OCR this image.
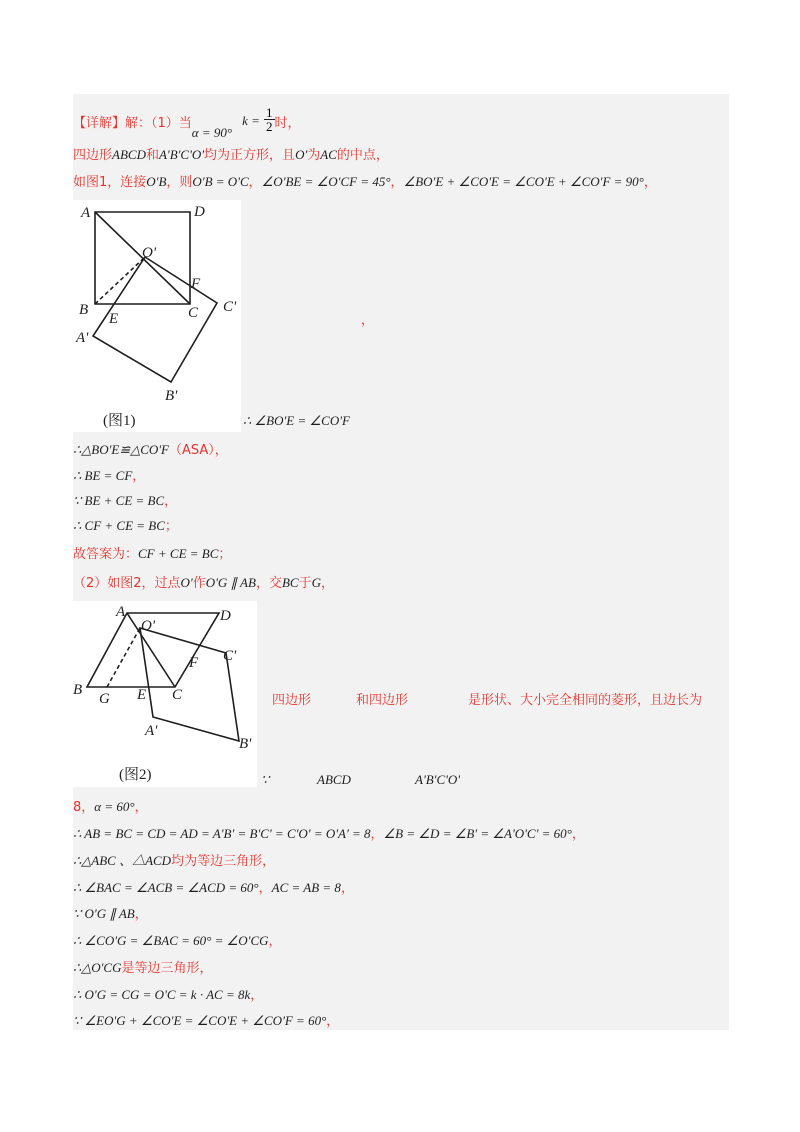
【详解】解：（1）当$\alpha = 90^\circ k = \frac{1}{2}$ 时，
四边形ABCD和A'B'C'O'均为正方形，且O'为AC的中点，
如图1，连接O'B，则O'B = O'C，∠O'BE = ∠O'CF = 45°，∠BO'E + ∠CO'E = ∠CO'E + ∠CO'F = 90°，
A	D
O'
F
B	C C'
E
A'
B'
(图1)
，
∴ ∠BO'E = ∠CO'F
∴△BO'E≌△CO'F（ASA），
∴ BE = CF，
∵ BE + CE = BC，
∴ CF + CE = BC；
故答案为：CF + CE = BC；
（2）如图2，过点O'作O'G ∥ AB，交BC于G，
A	D
O'
C'
F
B
G E C
A'
B'
(图2)
四边形	和四边形	是形状、大小完全相同的菱形，且边长为
∵	ABCD	A'B'C'O'
8，α = 60°，
∴ AB = BC = CD = AD = A'B' = B'C' = C'O' = O'A' = 8，∠B = ∠D = ∠B' = ∠A'O'C' = 60°，
∴△ABC 、△ACD均为等边三角形，
∴ ∠BAC = ∠ACB = ∠ACD = 60°，AC = AB = 8，
∵ O'G ∥ AB，
∴ ∠CO'G = ∠BAC = 60° = ∠O'CG，
∴△O'CG是等边三角形，
∴ O'G = CG = O'C = k · AC = 8k，
∵ ∠EO'G + ∠CO'E = ∠CO'E + ∠CO'F = 60°，
